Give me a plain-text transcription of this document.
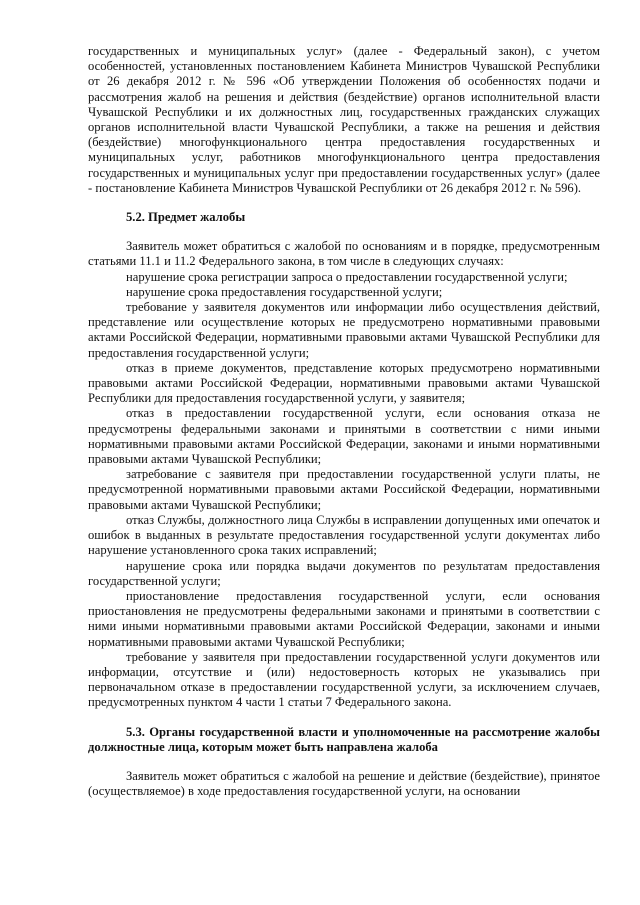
государственных и муниципальных услуг» (далее - Федеральный закон), с учетом особенностей, установленных постановлением Кабинета Министров Чувашской Республики от 26 декабря 2012 г. № 596 «Об утверждении Положения об особенностях подачи и рассмотрения жалоб на решения и действия (бездействие) органов исполнительной власти Чувашской Республики и их должностных лиц, государственных гражданских служащих органов исполнительной власти Чувашской Республики, а также на решения и действия (бездействие) многофункционального центра предоставления государственных и муниципальных услуг, работников многофункционального центра предоставления государственных и муниципальных услуг при предоставлении государственных услуг» (далее - постановление Кабинета Министров Чувашской Республики от 26 декабря 2012 г. № 596).

5.2. Предмет жалобы

Заявитель может обратиться с жалобой по основаниям и в порядке, предусмотренным статьями 11.1 и 11.2 Федерального закона, в том числе в следующих случаях:

нарушение срока регистрации запроса о предоставлении государственной услуги;

нарушение срока предоставления государственной услуги;

требование у заявителя документов или информации либо осуществления действий, представление или осуществление которых не предусмотрено нормативными правовыми актами Российской Федерации, нормативными правовыми актами Чувашской Республики для предоставления государственной услуги;

отказ в приеме документов, представление которых предусмотрено нормативными правовыми актами Российской Федерации, нормативными правовыми актами Чувашской Республики для предоставления государственной услуги, у заявителя;

отказ в предоставлении государственной услуги, если основания отказа не предусмотрены федеральными законами и принятыми в соответствии с ними иными нормативными правовыми актами Российской Федерации, законами и иными нормативными правовыми актами Чувашской Республики;

затребование с заявителя при предоставлении государственной услуги платы, не предусмотренной нормативными правовыми актами Российской Федерации, нормативными правовыми актами Чувашской Республики;

отказ Службы, должностного лица Службы в исправлении допущенных ими опечаток и ошибок в выданных в результате предоставления государственной услуги документах либо нарушение установленного срока таких исправлений;

нарушение срока или порядка выдачи документов по результатам предоставления государственной услуги;

приостановление предоставления государственной услуги, если основания приостановления не предусмотрены федеральными законами и принятыми в соответствии с ними иными нормативными правовыми актами Российской Федерации, законами и иными нормативными правовыми актами Чувашской Республики;

требование у заявителя при предоставлении государственной услуги документов или информации, отсутствие и (или) недостоверность которых не указывались при первоначальном отказе в предоставлении государственной услуги, за исключением случаев, предусмотренных пунктом 4 части 1 статьи 7 Федерального закона.

5.3. Органы государственной власти и уполномоченные на рассмотрение жалобы должностные лица, которым может быть направлена жалоба

Заявитель может обратиться с жалобой на решение и действие (бездействие), принятое (осуществляемое) в ходе предоставления государственной услуги, на основании
